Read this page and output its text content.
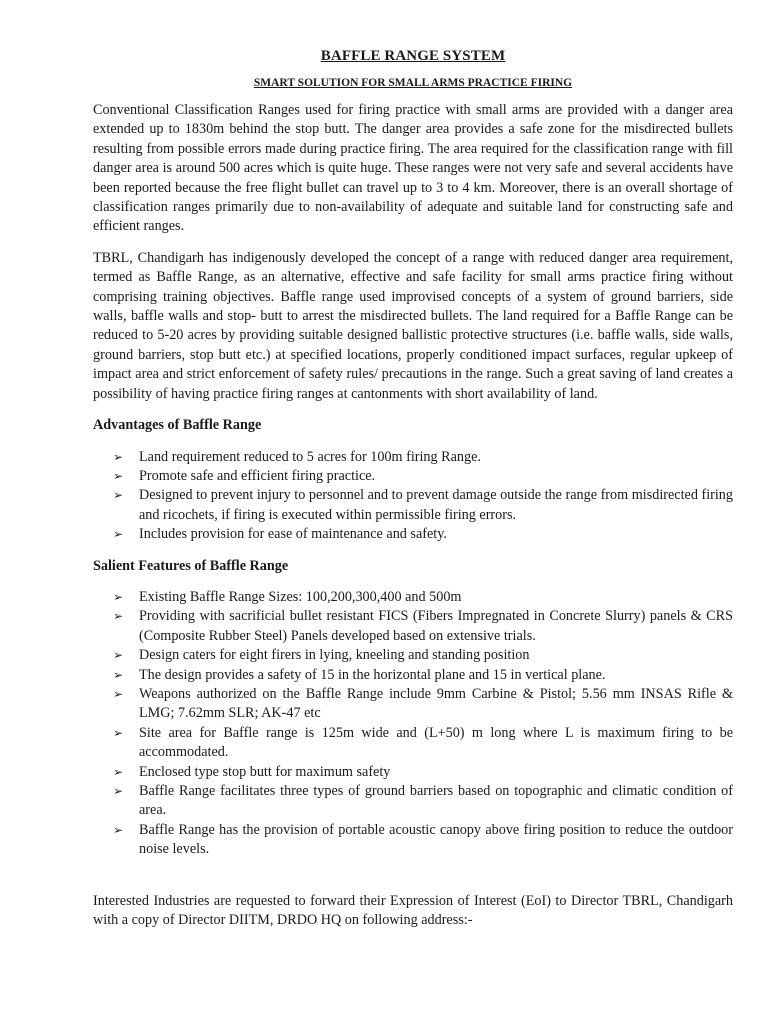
BAFFLE RANGE SYSTEM
SMART SOLUTION FOR SMALL ARMS PRACTICE FIRING

Conventional Classification Ranges used for firing practice with small arms are provided with a danger area extended up to 1830m behind the stop butt. The danger area provides a safe zone for the misdirected bullets resulting from possible errors made during practice firing. The area required for the classification range with fill danger area is around 500 acres which is quite huge. These ranges were not very safe and several accidents have been reported because the free flight bullet can travel up to 3 to 4 km. Moreover, there is an overall shortage of classification ranges primarily due to non-availability of adequate and suitable land for constructing safe and efficient ranges.

TBRL, Chandigarh has indigenously developed the concept of a range with reduced danger area requirement, termed as Baffle Range, as an alternative, effective and safe facility for small arms practice firing without comprising training objectives. Baffle range used improvised concepts of a system of ground barriers, side walls, baffle walls and stop- butt to arrest the misdirected bullets. The land required for a Baffle Range can be reduced to 5-20 acres by providing suitable designed ballistic protective structures (i.e. baffle walls, side walls, ground barriers, stop butt etc.) at specified locations, properly conditioned impact surfaces, regular upkeep of impact area and strict enforcement of safety rules/ precautions in the range. Such a great saving of land creates a possibility of having practice firing ranges at cantonments with short availability of land.

Advantages of Baffle Range
➢ Land requirement reduced to 5 acres for 100m firing Range.
➢ Promote safe and efficient firing practice.
➢ Designed to prevent injury to personnel and to prevent damage outside the range from misdirected firing and ricochets, if firing is executed within permissible firing errors.
➢ Includes provision for ease of maintenance and safety.
Salient Features of Baffle Range
➢ Existing Baffle Range Sizes: 100,200,300,400 and 500m
➢ Providing with sacrificial bullet resistant FICS (Fibers Impregnated in Concrete Slurry) panels & CRS (Composite Rubber Steel) Panels developed based on extensive trials.
➢ Design caters for eight firers in lying, kneeling and standing position
➢ The design provides a safety of 15 in the horizontal plane and 15 in vertical plane.
➢ Weapons authorized on the Baffle Range include 9mm Carbine & Pistol; 5.56 mm INSAS Rifle & LMG; 7.62mm SLR; AK-47 etc
➢ Site area for Baffle range is 125m wide and (L+50) m long where L is maximum firing to be accommodated.
➢ Enclosed type stop butt for maximum safety
➢ Baffle Range facilitates three types of ground barriers based on topographic and climatic condition of area.
➢ Baffle Range has the provision of portable acoustic canopy above firing position to reduce the outdoor noise levels.

Interested Industries are requested to forward their Expression of Interest (EoI) to Director TBRL, Chandigarh with a copy of Director DIITM, DRDO HQ on following address:-
